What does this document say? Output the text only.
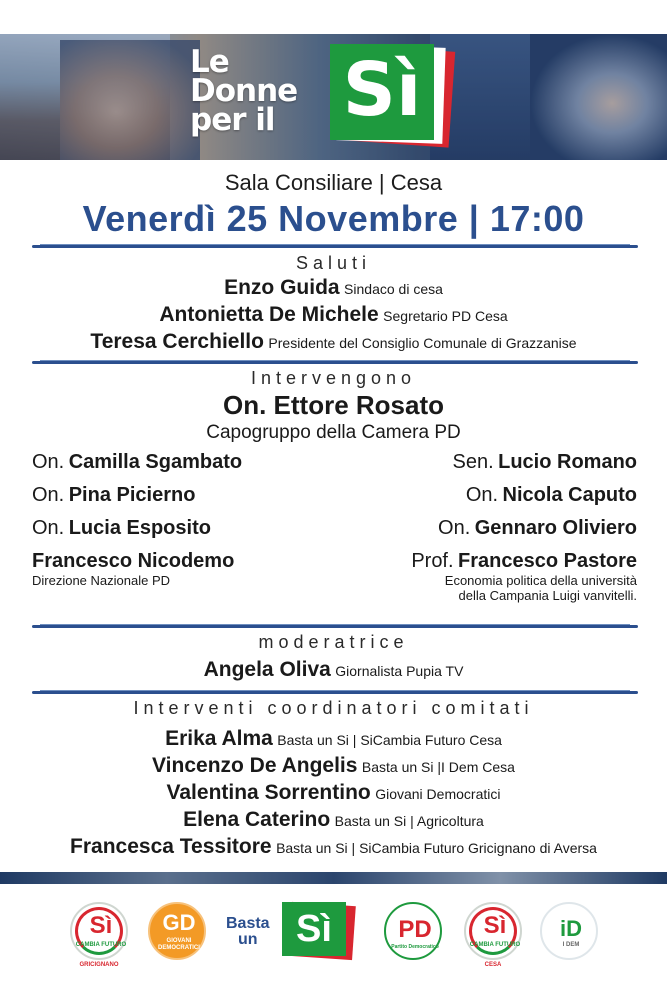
Le
Donne
per il Sì
Sala Consiliare | Cesa
Venerdì 25 Novembre | 17:00
Saluti
Enzo Guida Sindaco di cesa
Antonietta De Michele Segretario PD Cesa
Teresa Cerchiello Presidente del Consiglio Comunale di Grazzanise
Intervengono
On. Ettore Rosato
Capogruppo della Camera PD
On. Camilla Sgambato	Sen. Lucio Romano
On. Pina Picierno	On. Nicola Caputo
On. Lucia Esposito	On. Gennaro Oliviero
Francesco Nicodemo
Direzione Nazionale PD
Prof. Francesco Pastore
Economia politica della università
della Campania Luigi vanvitelli.
moderatrice
Angela Oliva Giornalista Pupia TV
Interventi coordinatori comitati
Erika Alma Basta un Si | SiCambia Futuro Cesa
Vincenzo De Angelis Basta un Si |I Dem Cesa
Valentina Sorrentino Giovani Democratici
Elena Caterino Basta un Si | Agricoltura
Francesca Tessitore Basta un Si | SiCambia Futuro Gricignano di Aversa
Sì
CAMBIA FUTURO
GRICIGNANO
GD
GIOVANI DEMOCRATICI
Basta
un	Sì	PD
Partito Democratico
Sì
CAMBIA FUTURO
CESA
iD
I DEM
